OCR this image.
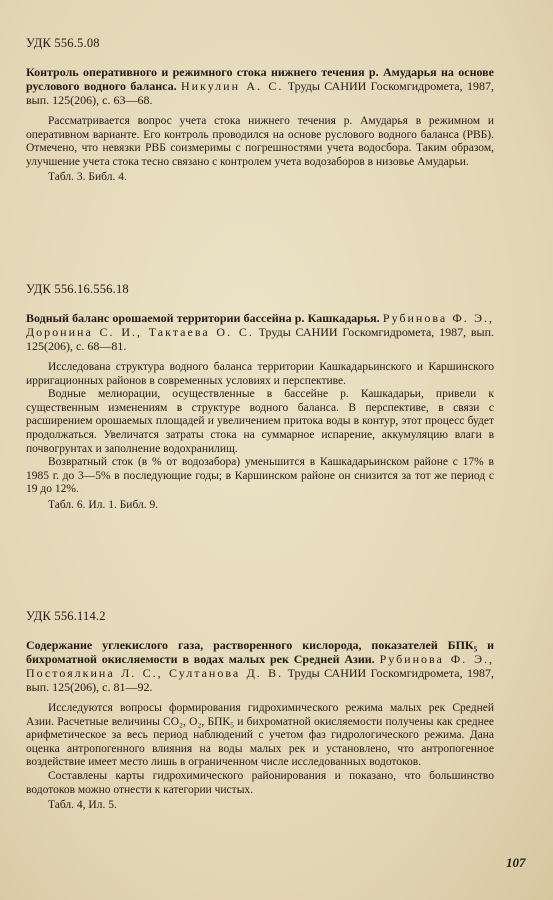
УДК 556.5.08

Контроль оперативного и режимного стока нижнего течения р. Амударья на основе руслового водного баланса. Никулин А. С. Труды САНИИ Госкомгидромета, 1987, вып. 125(206), с. 63—68.

Рассматривается вопрос учета стока нижнего течения р. Амударья в режимном и оперативном варианте. Его контроль проводился на основе руслового водного баланса (РВБ). Отмечено, что невязки РВБ соизмеримы с погрешностями учета водосбора. Таким образом, улучшение учета стока тесно связано с контролем учета водозаборов в низовье Амударьи.

Табл. 3. Библ. 4.
УДК 556.16.556.18

Водный баланс орошаемой территории бассейна р. Кашкадарья. Рубинова Ф. Э., Доронина С. И., Тактаева О. С. Труды САНИИ Госкомгидромета, 1987, вып. 125(206), с. 68—81.

Исследована структура водного баланса территории Кашкадарьинского и Каршинского ирригационных районов в современных условиях и перспективе.

Водные мелиорации, осуществленные в бассейне р. Кашкадарьи, привели к существенным изменениям в структуре водного баланса. В перспективе, в связи с расширением орошаемых площадей и увеличением притока воды в контур, этот процесс будет продолжаться. Увеличатся затраты стока на суммарное испарение, аккумуляцию влаги в почвогрунтах и заполнение водохранилищ.

Возвратный сток (в % от водозабора) уменьшится в Кашкадарьинском районе с 17% в 1985 г. до 3—5% в последующие годы; в Каршинском районе он снизится за тот же период с 19 до 12%.

Табл. 6. Ил. 1. Библ. 9.
УДК 556.114.2

Содержание углекислого газа, растворенного кислорода, показателей БПК₅ и бихроматной окисляемости в водах малых рек Средней Азии. Рубинова Ф. Э., Постоялкина Л. С., Султанова Д. В. Труды САНИИ Госкомгидромета, 1987, вып. 125(206), с. 81—92.

Исследуются вопросы формирования гидрохимического режима малых рек Средней Азии. Расчетные величины CO₂, O₂, БПК₅ и бихроматной окисляемости получены как среднее арифметическое за весь период наблюдений с учетом фаз гидрологического режима. Дана оценка антропогенного влияния на воды малых рек и установлено, что антропогенное воздействие имеет место лишь в ограниченном числе исследованных водотоков.

Составлены карты гидрохимического районирования и показано, что большинство водотоков можно отнести к категории чистых.

Табл. 4, Ил. 5.
107
